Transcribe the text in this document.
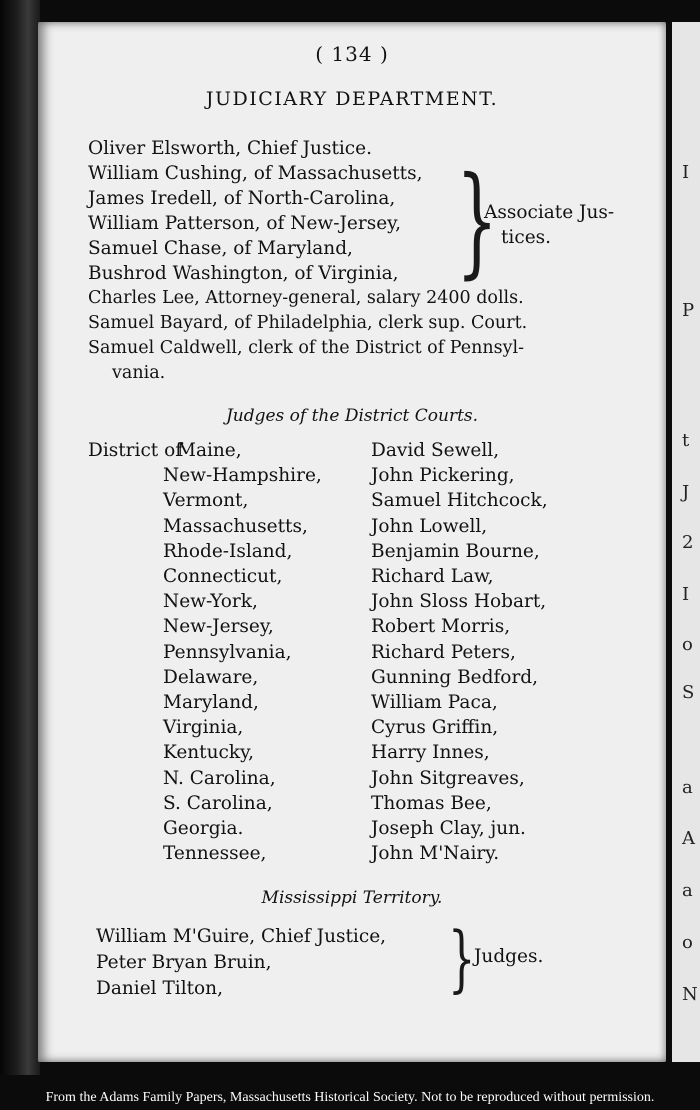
I
P
t
J
2
I
o
S
a
A
a
o
N
( 134 )
JUDICIARY DEPARTMENT.
Oliver Elsworth, Chief Justice.
William Cushing, of Massachusetts,
James Iredell, of North-Carolina,
William Patterson, of New-Jersey,
Samuel Chase, of Maryland,
Bushrod Washington, of Virginia, }
Associate Jus-
tices.
Charles Lee, Attorney-general, salary 2400 dolls.
Samuel Bayard, of Philadelphia, clerk sup. Court.
Samuel Caldwell, clerk of the District of Pennsyl-
vania.
Judges of the District Courts.
District of
Maine,	David Sewell,
New-Hampshire,	John Pickering,
Vermont,	Samuel Hitchcock,
Massachusetts,	John Lowell,
Rhode-Island,	Benjamin Bourne,
Connecticut,	Richard Law,
New-York,	John Sloss Hobart,
New-Jersey,	Robert Morris,
Pennsylvania,	Richard Peters,
Delaware,	Gunning Bedford,
Maryland,	William Paca,
Virginia,	Cyrus Griffin,
Kentucky,	Harry Innes,
N. Carolina,	John Sitgreaves,
S. Carolina,	Thomas Bee,
Georgia.	Joseph Clay, jun.
Tennessee,	John M'Nairy.
Mississippi Territory.
William M'Guire, Chief Justice,
Peter Bryan Bruin,
Daniel Tilton,	}
Judges.
From the Adams Family Papers, Massachusetts Historical Society. Not to be reproduced without permission.
